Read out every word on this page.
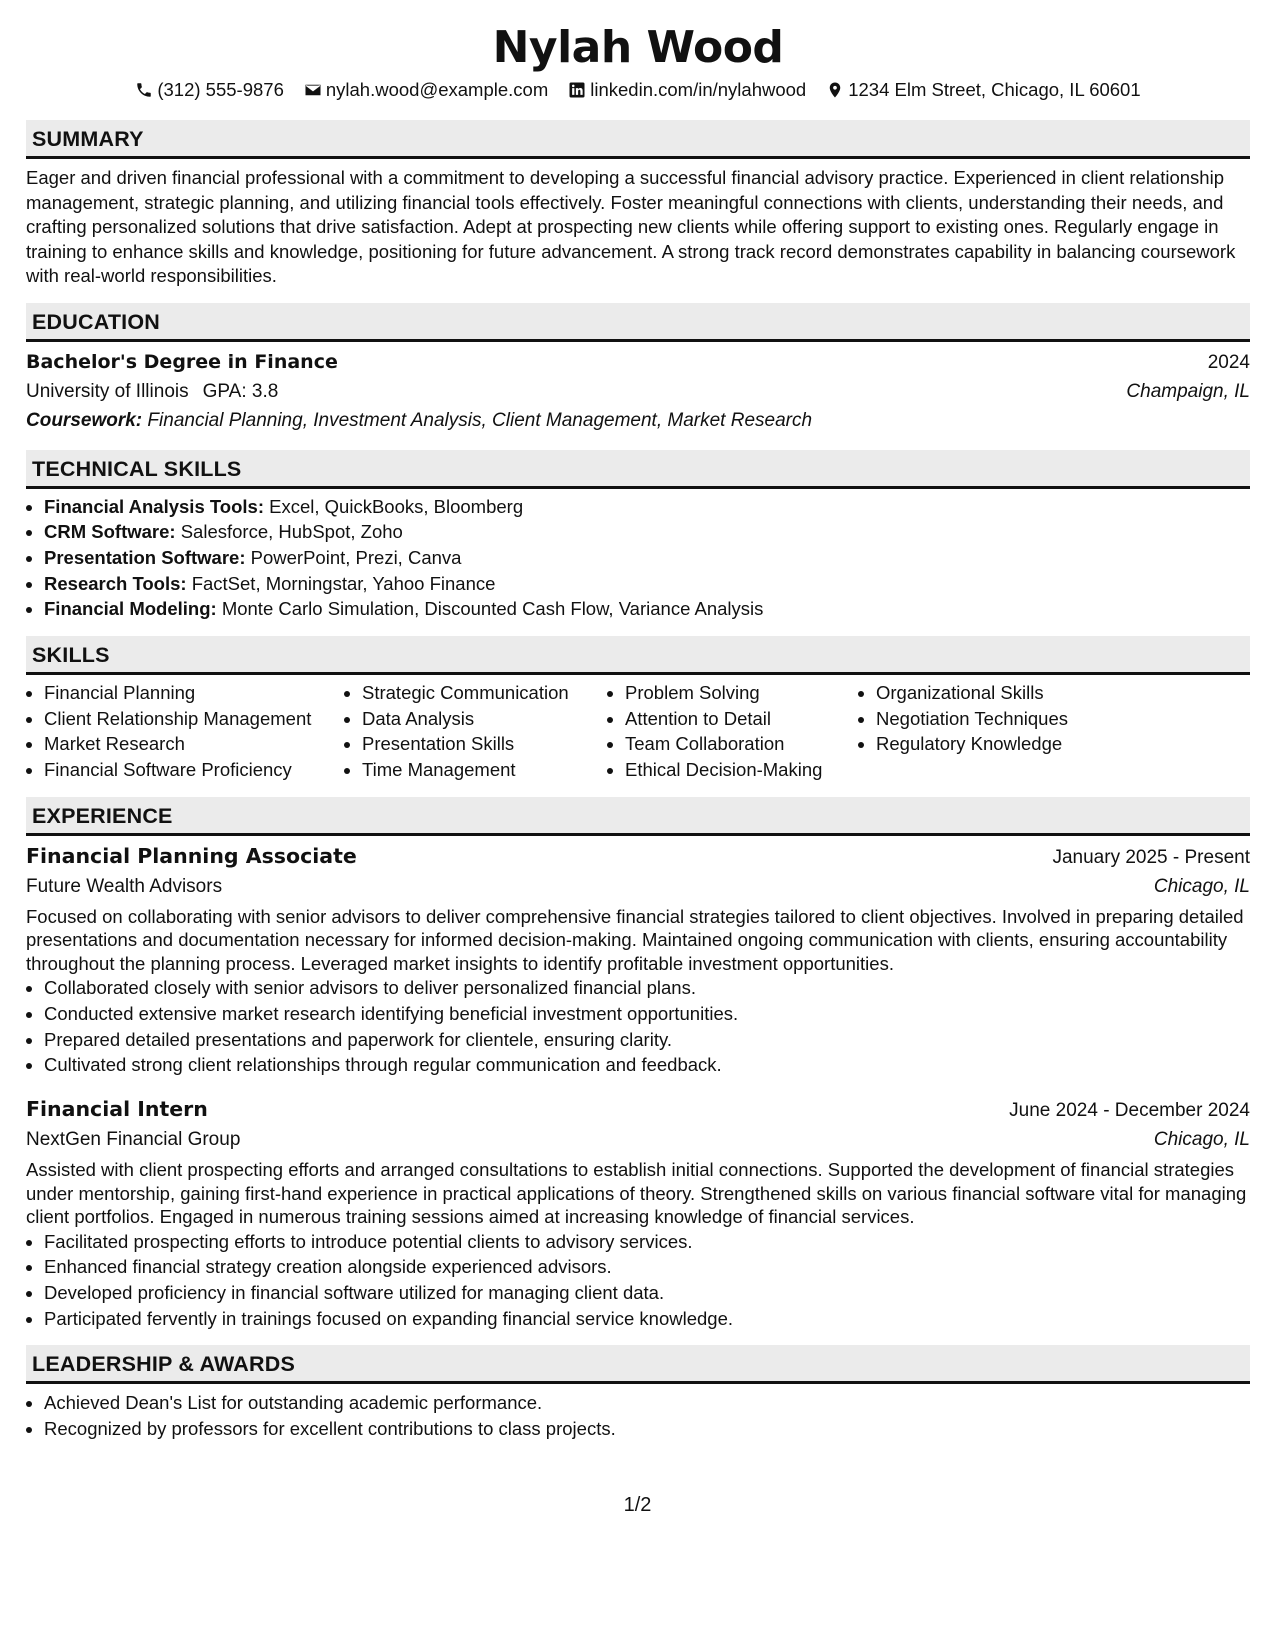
Nylah Wood
(312) 555-9876 nylah.wood@example.com linkedin.com/in/nylahwood 1234 Elm Street, Chicago, IL 60601
SUMMARY
Eager and driven financial professional with a commitment to developing a successful financial advisory practice. Experienced in client relationship management, strategic planning, and utilizing financial tools effectively. Foster meaningful connections with clients, understanding their needs, and crafting personalized solutions that drive satisfaction. Adept at prospecting new clients while offering support to existing ones. Regularly engage in training to enhance skills and knowledge, positioning for future advancement. A strong track record demonstrates capability in balancing coursework with real-world responsibilities.
EDUCATION
Bachelor's Degree in Finance	2024
University of Illinois GPA: 3.8	Champaign, IL
Coursework: Financial Planning, Investment Analysis, Client Management, Market Research
TECHNICAL SKILLS
• Financial Analysis Tools: Excel, QuickBooks, Bloomberg
• CRM Software: Salesforce, HubSpot, Zoho
• Presentation Software: PowerPoint, Prezi, Canva
• Research Tools: FactSet, Morningstar, Yahoo Finance
• Financial Modeling: Monte Carlo Simulation, Discounted Cash Flow, Variance Analysis
SKILLS
• Financial Planning
• Client Relationship Management
• Market Research
• Financial Software Proficiency
• Strategic Communication
• Data Analysis
• Presentation Skills
• Time Management
• Problem Solving
• Attention to Detail
• Team Collaboration
• Ethical Decision-Making
• Organizational Skills
• Negotiation Techniques
• Regulatory Knowledge
EXPERIENCE
Financial Planning Associate	January 2025 - Present
Future Wealth Advisors	Chicago, IL
Focused on collaborating with senior advisors to deliver comprehensive financial strategies tailored to client objectives. Involved in preparing detailed presentations and documentation necessary for informed decision-making. Maintained ongoing communication with clients, ensuring accountability throughout the planning process. Leveraged market insights to identify profitable investment opportunities.
• Collaborated closely with senior advisors to deliver personalized financial plans.
• Conducted extensive market research identifying beneficial investment opportunities.
• Prepared detailed presentations and paperwork for clientele, ensuring clarity.
• Cultivated strong client relationships through regular communication and feedback.
Financial Intern	June 2024 - December 2024
NextGen Financial Group	Chicago, IL
Assisted with client prospecting efforts and arranged consultations to establish initial connections. Supported the development of financial strategies under mentorship, gaining first-hand experience in practical applications of theory. Strengthened skills on various financial software vital for managing client portfolios. Engaged in numerous training sessions aimed at increasing knowledge of financial services.
• Facilitated prospecting efforts to introduce potential clients to advisory services.
• Enhanced financial strategy creation alongside experienced advisors.
• Developed proficiency in financial software utilized for managing client data.
• Participated fervently in trainings focused on expanding financial service knowledge.
LEADERSHIP & AWARDS
• Achieved Dean's List for outstanding academic performance.
• Recognized by professors for excellent contributions to class projects.
1/2
